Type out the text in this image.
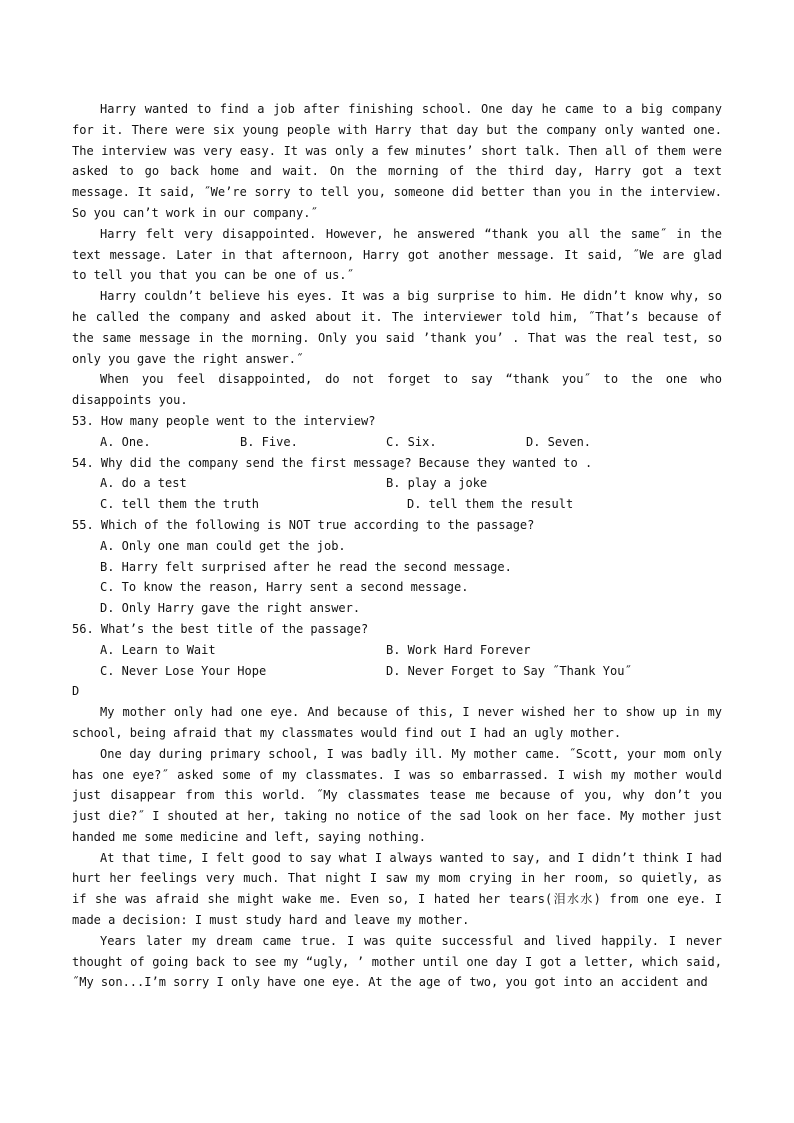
Harry wanted to find a job after finishing school. One day he came to a big company for it. There were six young people with Harry that day but the company only wanted one. The interview was very easy. It was only a few minutes’ short talk. Then all of them were asked to go back home and wait. On the morning of the third day, Harry got a text message. It said, ˝We’re sorry to tell you, someone did better than you in the interview. So you can’t work in our company.˝

Harry felt very disappointed. However, he answered “thank you all the same˝ in the text message. Later in that afternoon, Harry got another message. It said, ˝We are glad to tell you that you can be one of us.˝

Harry couldn’t believe his eyes. It was a big surprise to him. He didn’t know why, so he called the company and asked about it. The interviewer told him, ˝That’s because of the same message in the morning. Only you said ’thank you’ . That was the real test, so only you gave the right answer.˝

When you feel disappointed, do not forget to say “thank you˝ to the one who disappoints you.

53. How many people went to the interview?

A. One.	B. Five.	C. Six.	D. Seven.

54. Why did the company send the first message? Because they wanted to .

A. do a test	B. play a joke
C. tell them the truth	D. tell them the result

55. Which of the following is NOT true according to the passage?

A. Only one man could get the job.

B. Harry felt surprised after he read the second message.

C. To know the reason, Harry sent a second message.

D. Only Harry gave the right answer.

56. What’s the best title of the passage?

A. Learn to Wait	B. Work Hard Forever
C. Never Lose Your Hope	D. Never Forget to Say ˝Thank You˝

D

My mother only had one eye. And because of this, I never wished her to show up in my school, being afraid that my classmates would find out I had an ugly mother.

One day during primary school, I was badly ill. My mother came. ˝Scott, your mom only has one eye?˝ asked some of my classmates. I was so embarrassed. I wish my mother would just disappear from this world. ˝My classmates tease me because of you, why don’t you just die?˝ I shouted at her, taking no notice of the sad look on her face. My mother just handed me some medicine and left, saying nothing.

At that time, I felt good to say what I always wanted to say, and I didn’t think I had hurt her feelings very much. That night I saw my mom crying in her room, so quietly, as if she was afraid she might wake me. Even so, I hated her tears(泪水水) from one eye. I made a decision: I must study hard and leave my mother.

Years later my dream came true. I was quite successful and lived happily. I never thought of going back to see my “ugly, ’ mother until one day I got a letter, which said, ˝My son...I’m sorry I only have one eye. At the age of two, you got into an accident and
